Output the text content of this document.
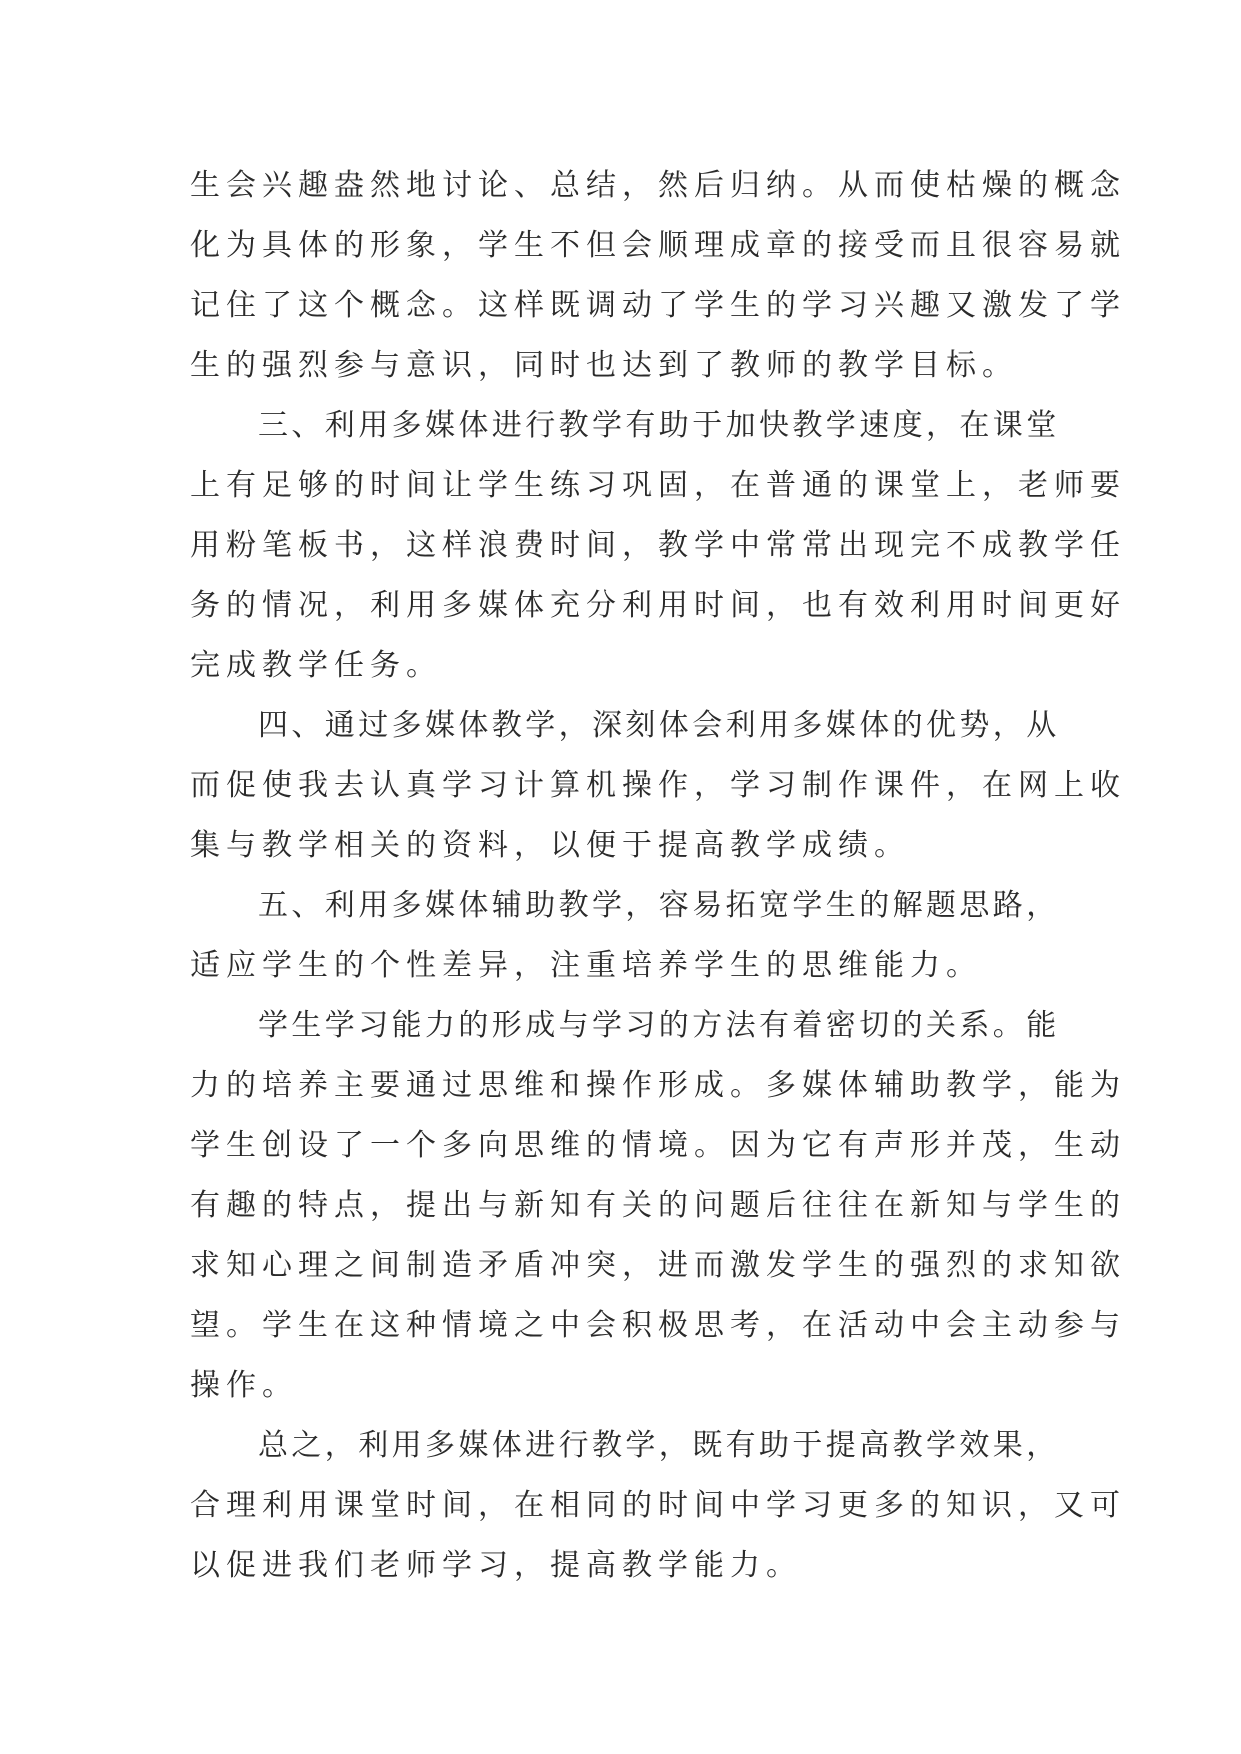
生会兴趣盎然地讨论、总结，然后归纳。从而使枯燥的概念
化为具体的形象，学生不但会顺理成章的接受而且很容易就
记住了这个概念。这样既调动了学生的学习兴趣又激发了学
生的强烈参与意识，同时也达到了教师的教学目标。
三、利用多媒体进行教学有助于加快教学速度，在课堂
上有足够的时间让学生练习巩固，在普通的课堂上，老师要
用粉笔板书，这样浪费时间，教学中常常出现完不成教学任
务的情况，利用多媒体充分利用时间，也有效利用时间更好
完成教学任务。
四、通过多媒体教学，深刻体会利用多媒体的优势，从
而促使我去认真学习计算机操作，学习制作课件，在网上收
集与教学相关的资料，以便于提高教学成绩。
五、利用多媒体辅助教学，容易拓宽学生的解题思路，
适应学生的个性差异，注重培养学生的思维能力。
学生学习能力的形成与学习的方法有着密切的关系。能
力的培养主要通过思维和操作形成。多媒体辅助教学，能为
学生创设了一个多向思维的情境。因为它有声形并茂，生动
有趣的特点，提出与新知有关的问题后往往在新知与学生的
求知心理之间制造矛盾冲突，进而激发学生的强烈的求知欲
望。学生在这种情境之中会积极思考，在活动中会主动参与
操作。
总之，利用多媒体进行教学，既有助于提高教学效果，
合理利用课堂时间，在相同的时间中学习更多的知识，又可
以促进我们老师学习，提高教学能力。
